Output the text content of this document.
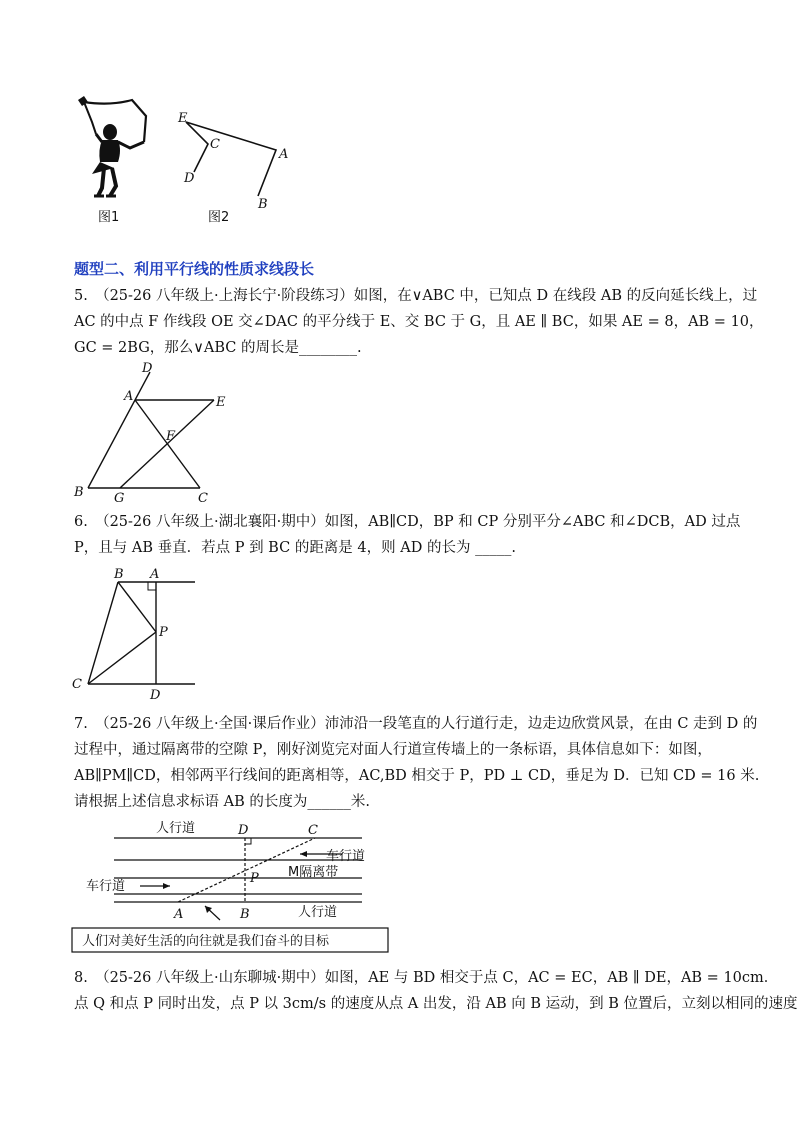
图1
E
C
A
D
B
图2
题型二、利用平行线的性质求线段长
5.　（25-26 八年级上·上海长宁·阶段练习）如图，在∨ABC 中，已知点 D 在线段 AB 的反向延长线上，过
AC 的中点 F 作线段 OE 交∠DAC 的平分线于 E、交 BC 于 G，且 AE ∥ BC，如果 AE = 8，AB = 10，
GC = 2BG，那么∨ABC 的周长是________.
D
A	E
F
B G	C
6.　（25-26 八年级上·湖北襄阳·期中）如图，AB∥CD，BP 和 CP 分别平分∠ABC 和∠DCB，AD 过点
P，且与 AB 垂直．若点 P 到 BC 的距离是 4，则 AD 的长为 _____.
B A
P
C
D
7.　（25-26 八年级上·全国·课后作业）沛沛沿一段笔直的人行道行走，边走边欣赏风景，在由 C 走到 D 的
过程中，通过隔离带的空隙 P，刚好浏览完对面人行道宣传墙上的一条标语，具体信息如下：如图，
AB∥PM∥CD，相邻两平行线间的距离相等，AC,BD 相交于 P，PD ⊥ CD，垂足为 D．已知 CD = 16 米.
请根据上述信息求标语 AB 的长度为______米.
人行道	D	C
车行道
P M隔离带
车行道
A	B	人行道
人们对美好生活的向往就是我们奋斗的目标
8.　（25-26 八年级上·山东聊城·期中）如图，AE 与 BD 相交于点 C，AC = EC，AB ∥ DE，AB = 10cm．
点 Q 和点 P 同时出发，点 P 以 3cm/s 的速度从点 A 出发，沿 AB 向 B 运动，到 B 位置后，立刻以相同的速度
